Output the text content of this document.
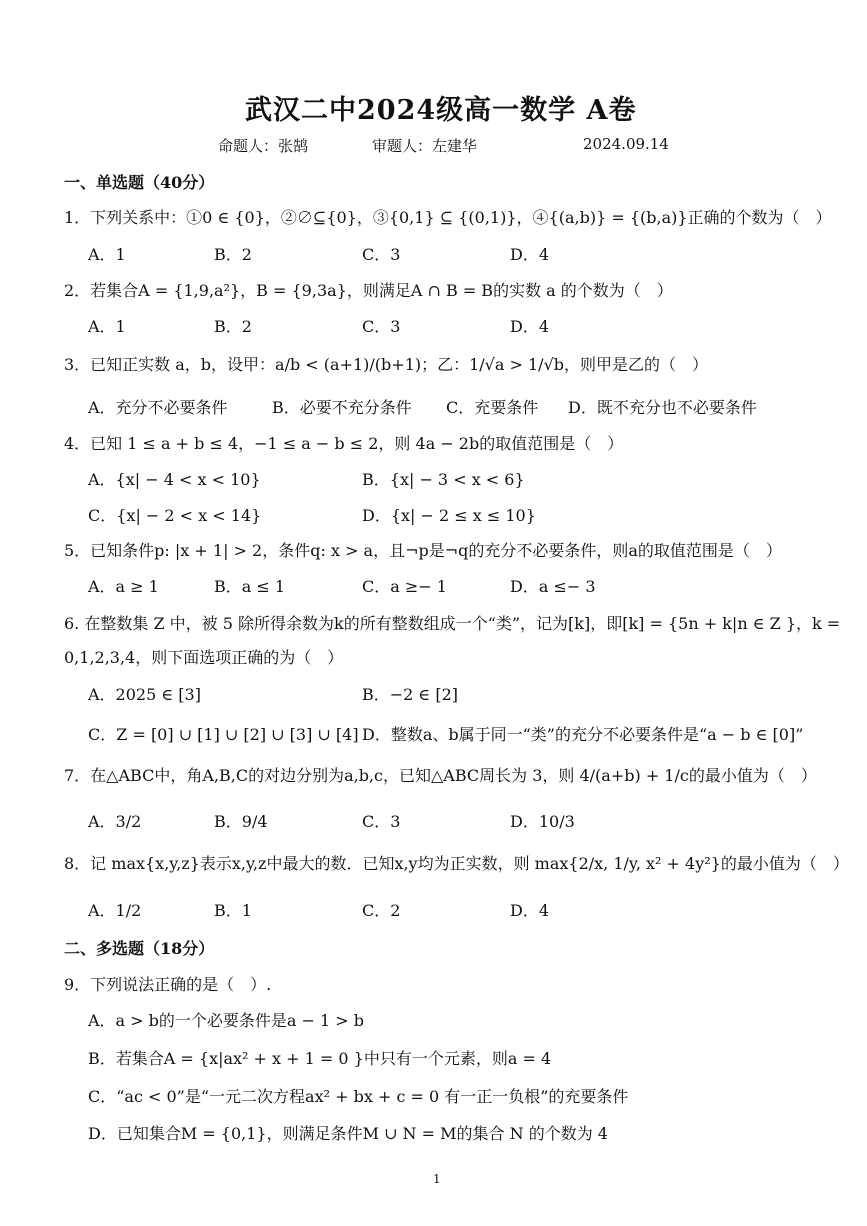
武汉二中2024级高一数学 A卷
命题人：张鹄	审题人：左建华	2024.09.14
一、单选题（40分）
1．下列关系中：①0 ∈ {0}，②∅⊆{0}，③{0,1} ⊆ {(0,1)}，④{(a,b)} = {(b,a)}正确的个数为（　）
A．1	B．2	C．3	D．4
2．若集合A = {1,9,a²}，B = {9,3a}，则满足A ∩ B = B的实数 a 的个数为（　）
A．1	B．2	C．3	D．4
3．已知正实数 a，b，设甲：a/b < (a+1)/(b+1)；乙：1/√a > 1/√b，则甲是乙的（　）
A．充分不必要条件	B．必要不充分条件 C．充要条件 D．既不充分也不必要条件
4．已知 1 ≤ a + b ≤ 4，−1 ≤ a − b ≤ 2，则 4a − 2b的取值范围是（　）
A．{x| − 4 < x < 10}	B．{x| − 3 < x < 6}
C．{x| − 2 < x < 14}	D．{x| − 2 ≤ x ≤ 10}
5．已知条件p: |x + 1| > 2，条件q: x > a，且¬p是¬q的充分不必要条件，则a的取值范围是（　）
A．a ≥ 1	B．a ≤ 1	C．a ≥− 1	D．a ≤− 3
6. 在整数集 Z 中，被 5 除所得余数为k的所有整数组成一个“类”，记为[k]，即[k] = {5n + k|n ∈ Z }，k =
0,1,2,3,4，则下面选项正确的为（　）
A．2025 ∈ [3]	B．−2 ∈ [2]
C．Z = [0] ∪ [1] ∪ [2] ∪ [3] ∪ [4] D．整数a、b属于同一“类”的充分不必要条件是“a − b ∈ [0]”
7．在△ABC中，角A,B,C的对边分别为a,b,c，已知△ABC周长为 3，则 4/(a+b) + 1/c的最小值为（　）
A．3/2	B．9/4	C．3	D．10/3
8．记 max{x,y,z}表示x,y,z中最大的数．已知x,y均为正实数，则 max{2/x, 1/y, x² + 4y²}的最小值为（　）
A．1/2	B．1	C．2	D．4
二、多选题（18分）
9．下列说法正确的是（　）.
A．a > b的一个必要条件是a − 1 > b
B．若集合A = {x|ax² + x + 1 = 0 }中只有一个元素，则a = 4
C．“ac < 0”是“一元二次方程ax² + bx + c = 0 有一正一负根”的充要条件
D．已知集合M = {0,1}，则满足条件M ∪ N = M的集合 N 的个数为 4
1
